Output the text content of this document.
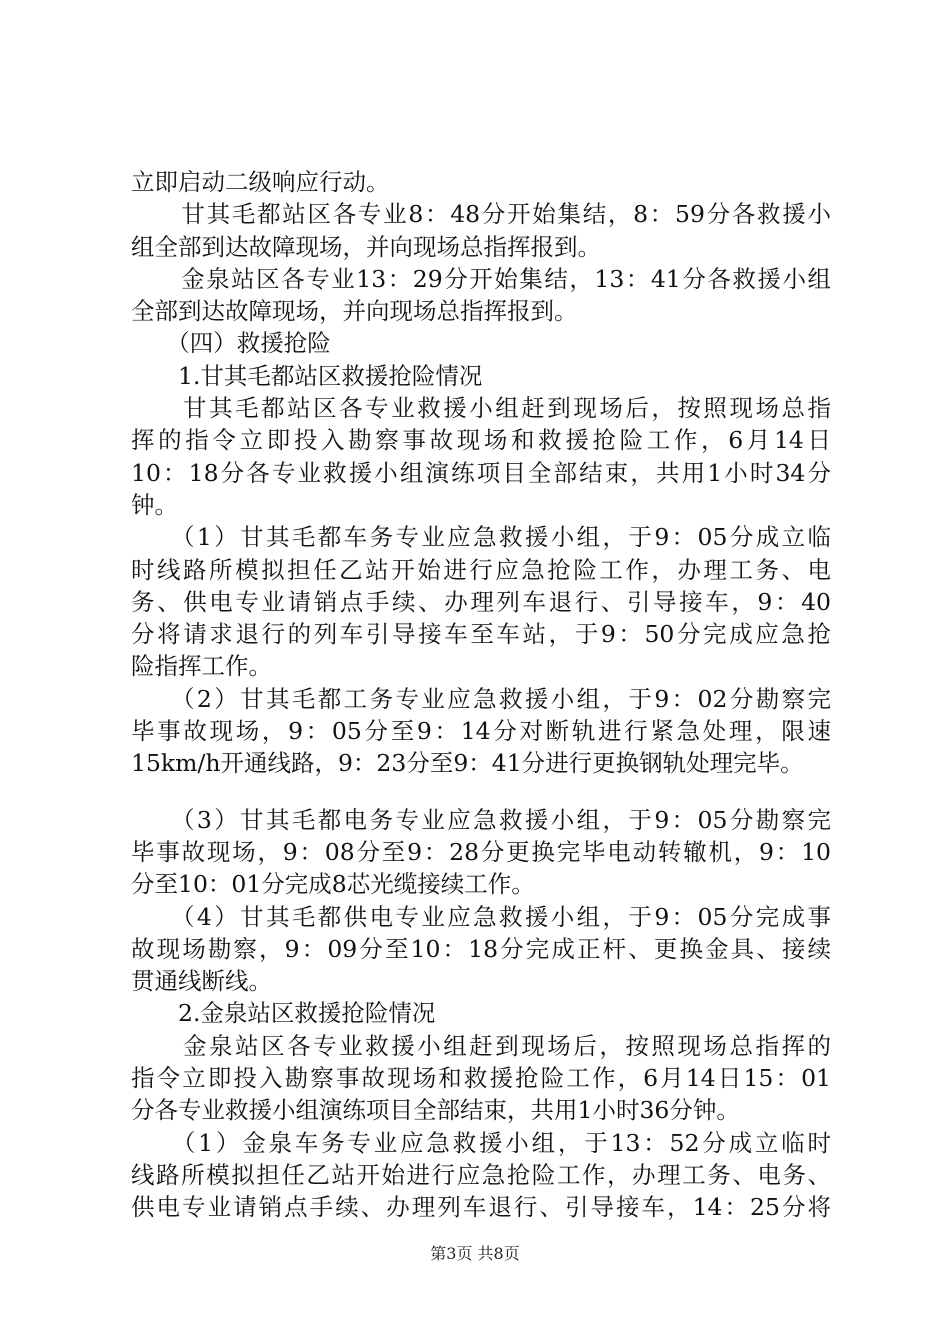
立即启动二级响应行动。
　　甘其毛都站区各专业8：48分开始集结，8：59分各救援小
组全部到达故障现场，并向现场总指挥报到。
　　金泉站区各专业13：29分开始集结，13：41分各救援小组
全部到达故障现场，并向现场总指挥报到。
　　（四）救援抢险
　　1.甘其毛都站区救援抢险情况
　　甘其毛都站区各专业救援小组赶到现场后，按照现场总指
挥的指令立即投入勘察事故现场和救援抢险工作，6月14日
10：18分各专业救援小组演练项目全部结束，共用1小时34分
钟。
　　（1）甘其毛都车务专业应急救援小组，于9：05分成立临
时线路所模拟担任乙站开始进行应急抢险工作，办理工务、电
务、供电专业请销点手续、办理列车退行、引导接车，9：40
分将请求退行的列车引导接车至车站，于9：50分完成应急抢
险指挥工作。
　　（2）甘其毛都工务专业应急救援小组，于9：02分勘察完
毕事故现场，9：05分至9：14分对断轨进行紧急处理，限速
15km/h开通线路，9：23分至9：41分进行更换钢轨处理完毕。
　　（3）甘其毛都电务专业应急救援小组，于9：05分勘察完
毕事故现场，9：08分至9：28分更换完毕电动转辙机，9：10
分至10：01分完成8芯光缆接续工作。
　　（4）甘其毛都供电专业应急救援小组，于9：05分完成事
故现场勘察，9：09分至10：18分完成正杆、更换金具、接续
贯通线断线。
　　2.金泉站区救援抢险情况
　　金泉站区各专业救援小组赶到现场后，按照现场总指挥的
指令立即投入勘察事故现场和救援抢险工作，6月14日15：01
分各专业救援小组演练项目全部结束，共用1小时36分钟。
　　（1）金泉车务专业应急救援小组，于13：52分成立临时
线路所模拟担任乙站开始进行应急抢险工作，办理工务、电务、
供电专业请销点手续、办理列车退行、引导接车，14：25分将
第3页 共8页
